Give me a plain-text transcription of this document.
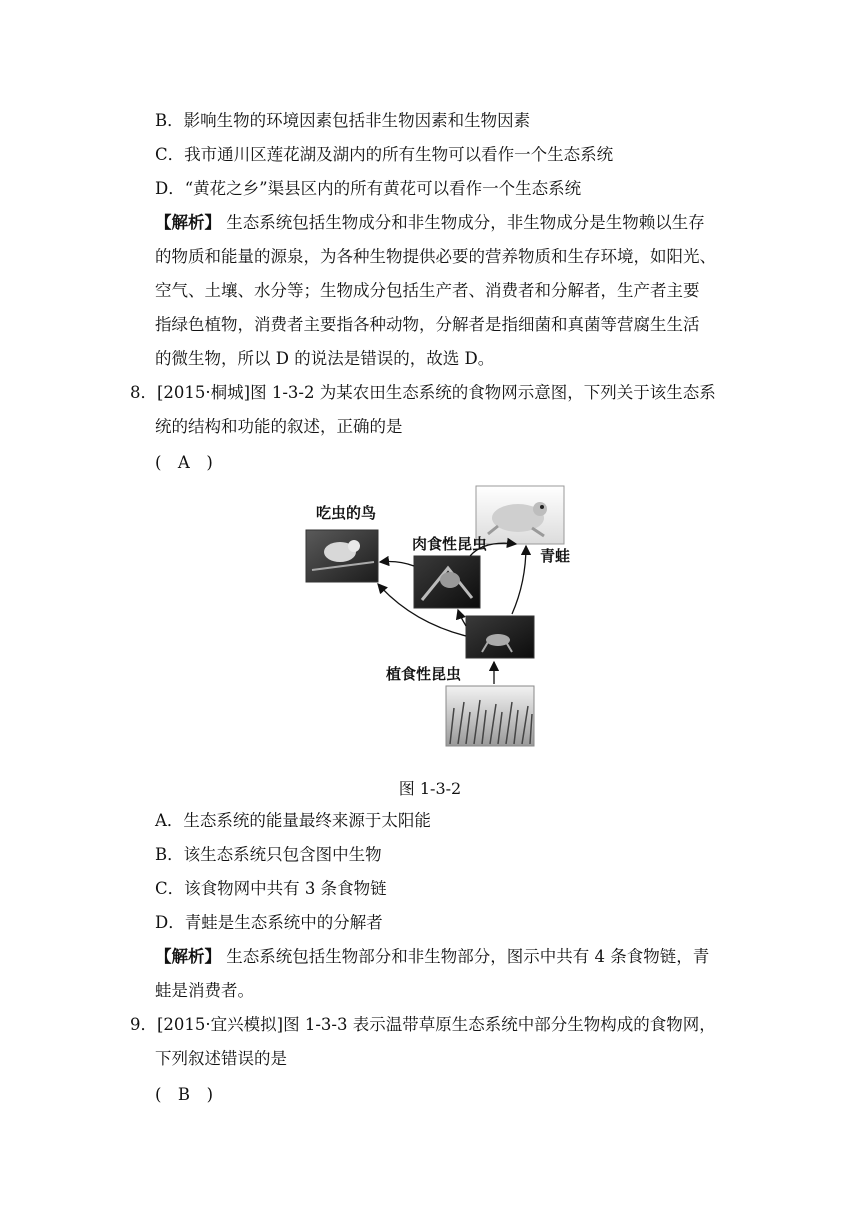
B．影响生物的环境因素包括非生物因素和生物因素
C．我市通川区莲花湖及湖内的所有生物可以看作一个生态系统
D．“黄花之乡”渠县区内的所有黄花可以看作一个生态系统
【解析】 生态系统包括生物成分和非生物成分，非生物成分是生物赖以生存
的物质和能量的源泉，为各种生物提供必要的营养物质和生存环境，如阳光、
空气、土壤、水分等；生物成分包括生产者、消费者和分解者，生产者主要
指绿色植物，消费者主要指各种动物，分解者是指细菌和真菌等营腐生生活
的微生物，所以 D 的说法是错误的，故选 D。
8．[2015·桐城]图 1-3-2 为某农田生态系统的食物网示意图，下列关于该生态系
统的结构和功能的叙述，正确的是
(　A　)
吃虫的鸟
青蛙
肉食性昆虫
植食性昆虫
图 1-3-2
A．生态系统的能量最终来源于太阳能
B．该生态系统只包含图中生物
C．该食物网中共有 3 条食物链
D．青蛙是生态系统中的分解者
【解析】 生态系统包括生物部分和非生物部分，图示中共有 4 条食物链，青
蛙是消费者。
9．[2015·宜兴模拟]图 1-3-3 表示温带草原生态系统中部分生物构成的食物网，
下列叙述错误的是
(　B　)
